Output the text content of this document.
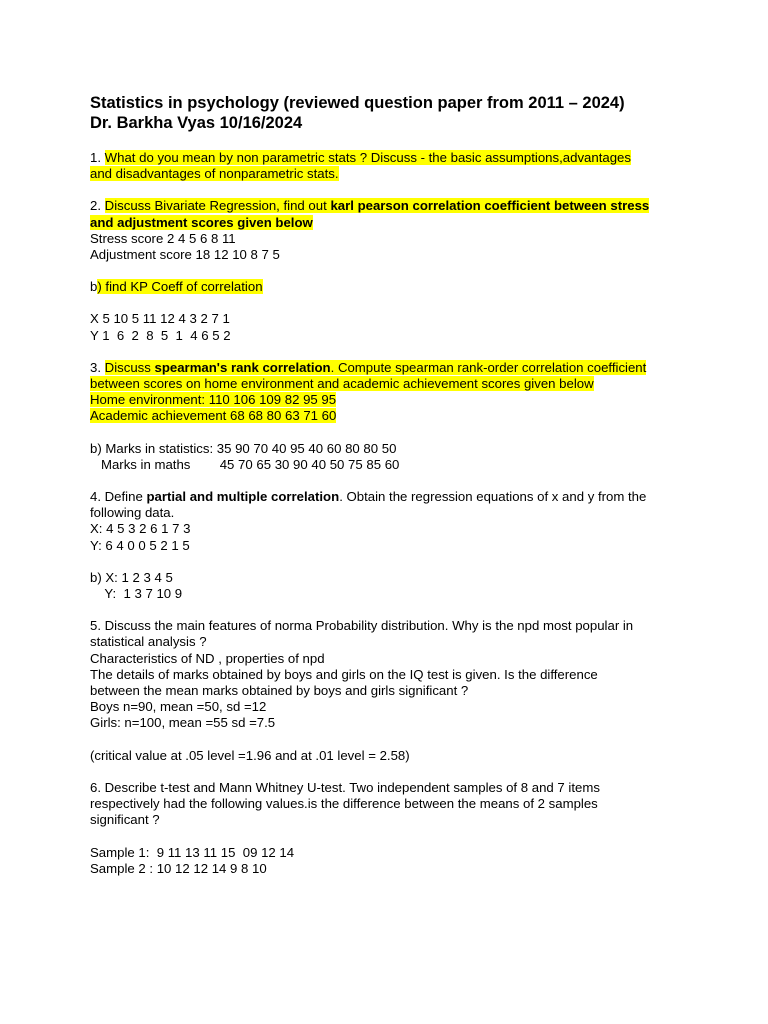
Statistics in psychology (reviewed question paper from 2011 – 2024)
Dr. Barkha Vyas 10/16/2024
1. What do you mean by non parametric stats ? Discuss - the basic assumptions,advantages
and disadvantages of nonparametric stats.
2. Discuss Bivariate Regression, find out karl pearson correlation coefficient between stress
and adjustment scores given below
Stress score 2 4 5 6 8 11
Adjustment score 18 12 10 8 7 5
b) find KP Coeff of correlation
X 5 10 5 11 12 4 3 2 7 1
Y 1  6  2  8  5  1  4 6 5 2
3. Discuss spearman's rank correlation. Compute spearman rank-order correlation coefficient
between scores on home environment and academic achievement scores given below
Home environment: 110 106 109 82 95 95
Academic achievement 68 68 80 63 71 60
b) Marks in statistics: 35 90 70 40 95 40 60 80 80 50
Marks in maths        45 70 65 30 90 40 50 75 85 60
4. Define partial and multiple correlation. Obtain the regression equations of x and y from the
following data.
X: 4 5 3 2 6 1 7 3
Y: 6 4 0 0 5 2 1 5
b) X: 1 2 3 4 5
Y:  1 3 7 10 9
5. Discuss the main features of norma Probability distribution. Why is the npd most popular in
statistical analysis ?
Characteristics of ND , properties of npd
The details of marks obtained by boys and girls on the IQ test is given. Is the difference
between the mean marks obtained by boys and girls significant ?
Boys n=90, mean =50, sd =12
Girls: n=100, mean =55 sd =7.5
(critical value at .05 level =1.96 and at .01 level = 2.58)
6. Describe t-test and Mann Whitney U-test. Two independent samples of 8 and 7 items
respectively had the following values.is the difference between the means of 2 samples
significant ?
Sample 1:  9 11 13 11 15  09 12 14
Sample 2 : 10 12 12 14 9 8 10
